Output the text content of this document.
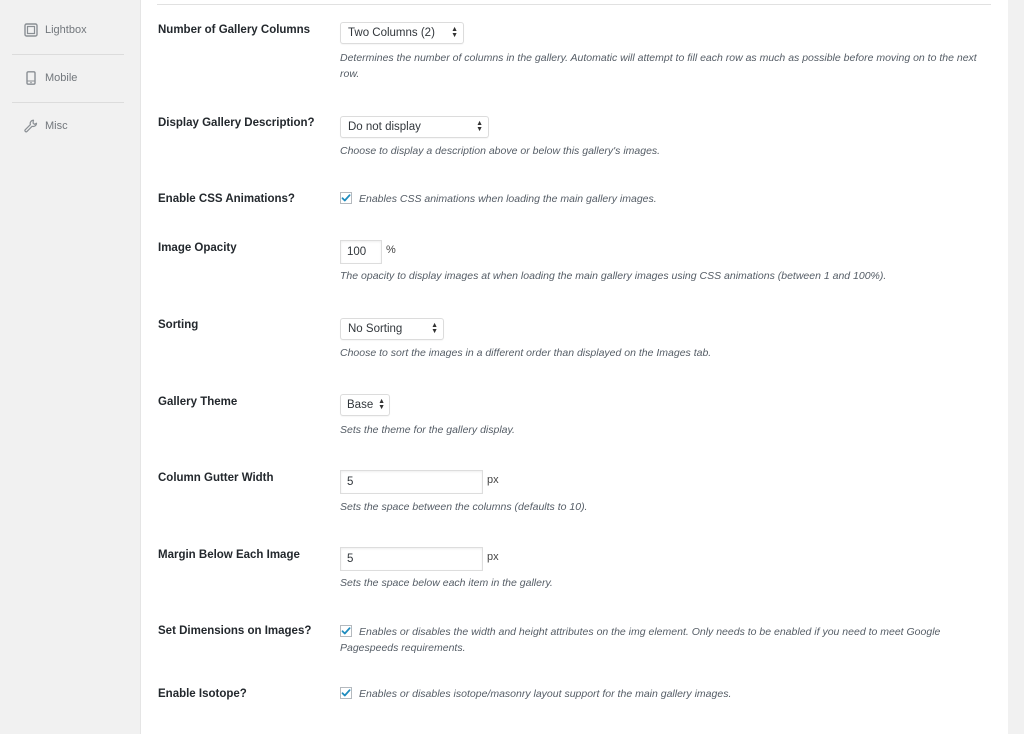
Lightbox
Mobile
Misc
Number of Gallery Columns	Two Columns (2) ▲
▼
Determines the number of columns in the gallery. Automatic will attempt to fill each row as much as possible before moving on to the next row.
Display Gallery Description?	Do not display	▲
▼
Choose to display a description above or below this gallery's images.
Enable CSS Animations?	Enables CSS animations when loading the main gallery images.
Image Opacity	100 %
The opacity to display images at when loading the main gallery images using CSS animations (between 1 and 100%).
Sorting	No Sorting	▲
▼
Choose to sort the images in a different order than displayed on the Images tab.
Gallery Theme	Base ▲
▼
Sets the theme for the gallery display.
Column Gutter Width	5	px
Sets the space between the columns (defaults to 10).
Margin Below Each Image	5	px
Sets the space below each item in the gallery.
Set Dimensions on Images?	Enables or disables the width and height attributes on the img element. Only needs to be enabled if you need to meet Google Pagespeeds requirements.
Enable Isotope?	Enables or disables isotope/masonry layout support for the main gallery images.
